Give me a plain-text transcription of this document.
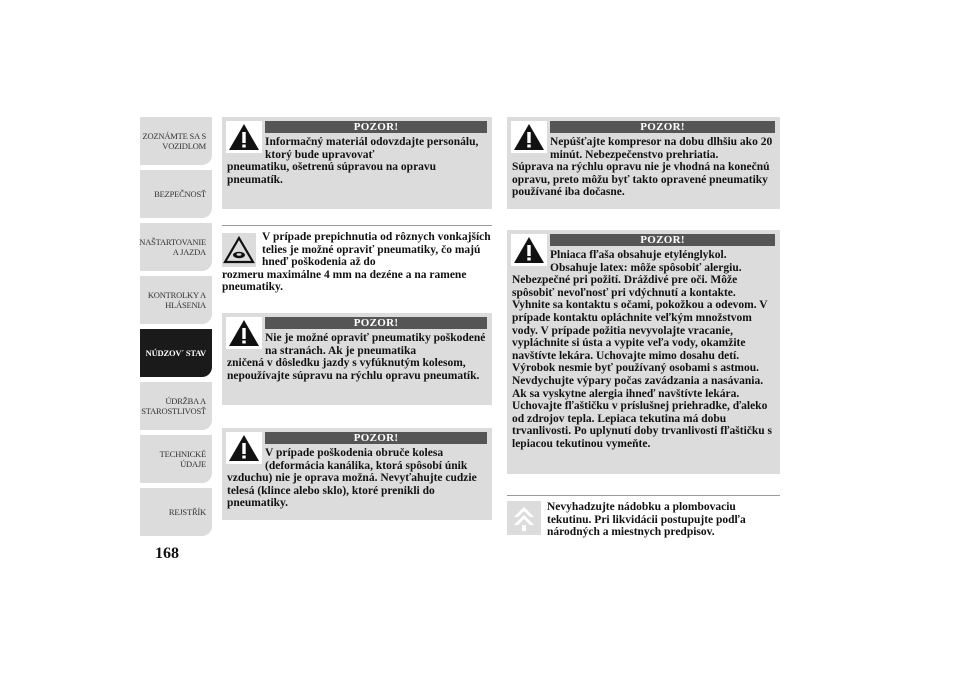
ZOZNÁMTE SA S VOZIDLOM
BEZPEČNOSŤ
NAŠTARTOVANIE A JAZDA
KONTROLKY A HLÁSENIA
NÚDZOV´ STAV
ÚDRŽBA A STAROSTLIVOSŤ
TECHNICKÉ ÚDAJE
REJSTŘÍK
168
POZOR!
Informačný materiál odovzdajte personálu, ktorý bude upravovať
pneumatiku, ošetrenú súpravou na opravu pneumatík.
V prípade prepichnutia od rôznych vonkajších telies je možné opraviť pneumatiky, čo majú hneď poškodenia až do
rozmeru maximálne 4 mm na dezéne a na ramene pneumatiky.
POZOR!
Nie je možné opraviť pneumatiky poškodené na stranách. Ak je pneumatika
zničená v dôsledku jazdy s vyfúknutým kolesom, nepoužívajte súpravu na rýchlu opravu pneumatík.
POZOR!
V prípade poškodenia obruče kolesa (deformácia kanálika, ktorá spôsobí únik
vzduchu) nie je oprava možná. Nevyťahujte cudzie telesá (klince alebo sklo), ktoré prenikli do pneumatiky.
POZOR!
Nepúšťajte kompresor na dobu dlhšiu ako 20 minút. Nebezpečenstvo prehriatia.
Súprava na rýchlu opravu nie je vhodná na konečnú opravu, preto môžu byť takto opravené pneumatiky používané iba dočasne.
POZOR!
Plniaca fľaša obsahuje etylénglykol. Obsahuje latex: môže spôsobiť alergiu.
Nebezpečné pri požití. Dráždivé pre oči. Môže spôsobiť nevoľnosť pri vdýchnutí a kontakte. Vyhnite sa kontaktu s očami, pokožkou a odevom. V prípade kontaktu opláchnite veľkým množstvom vody. V prípade požitia nevyvolajte vracanie, vypláchnite si ústa a vypite veľa vody, okamžite navštívte lekára. Uchovajte mimo dosahu detí. Výrobok nesmie byť používaný osobami s astmou. Nevdychujte výpary počas zavádzania a nasávania. Ak sa vyskytne alergia ihneď navštívte lekára. Uchovajte fľaštičku v príslušnej priehradke, ďaleko od zdrojov tepla. Lepiaca tekutina má dobu trvanlivosti. Po uplynutí doby trvanlivosti fľaštičku s lepiacou tekutinou vymeňte.
Nevyhadzujte nádobku a plombovaciu tekutinu. Pri likvidácii postupujte podľa národných a miestnych predpisov.
